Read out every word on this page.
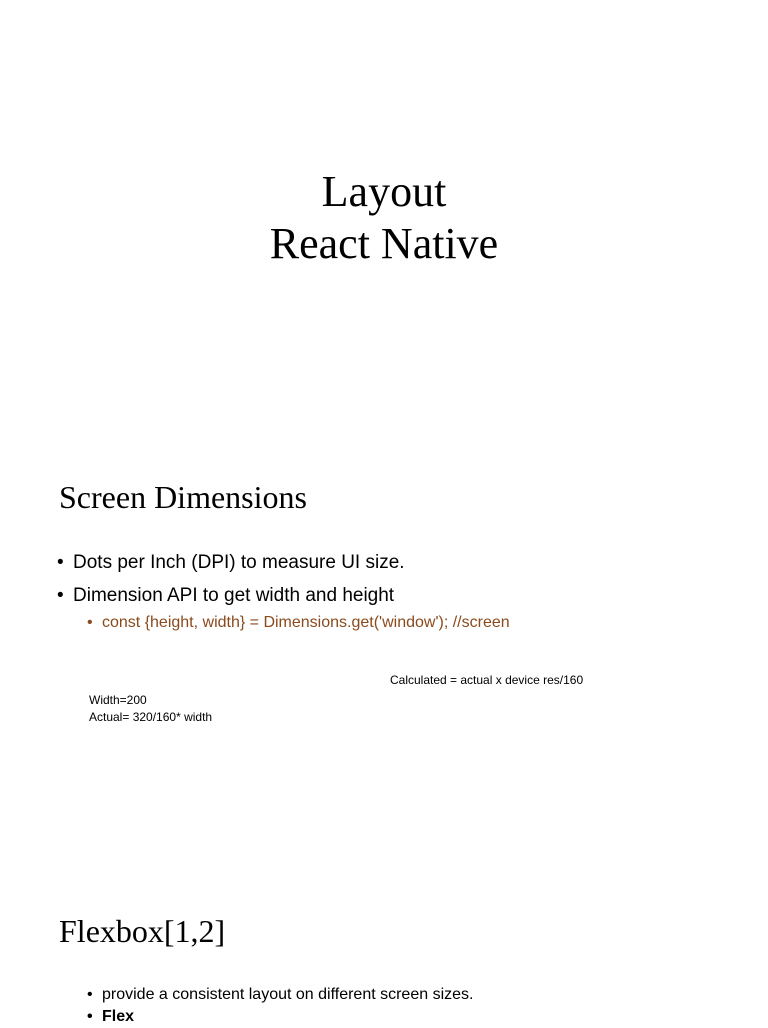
Layout
React Native
Screen Dimensions
• Dots per Inch (DPI) to measure UI size.
• Dimension API to get width and height
• const {height, width} = Dimensions.get('window'); //screen
Calculated = actual x device res/160
Width=200
Actual= 320/160* width
Flexbox[1,2]
• provide a consistent layout on different screen sizes.
• Flex
